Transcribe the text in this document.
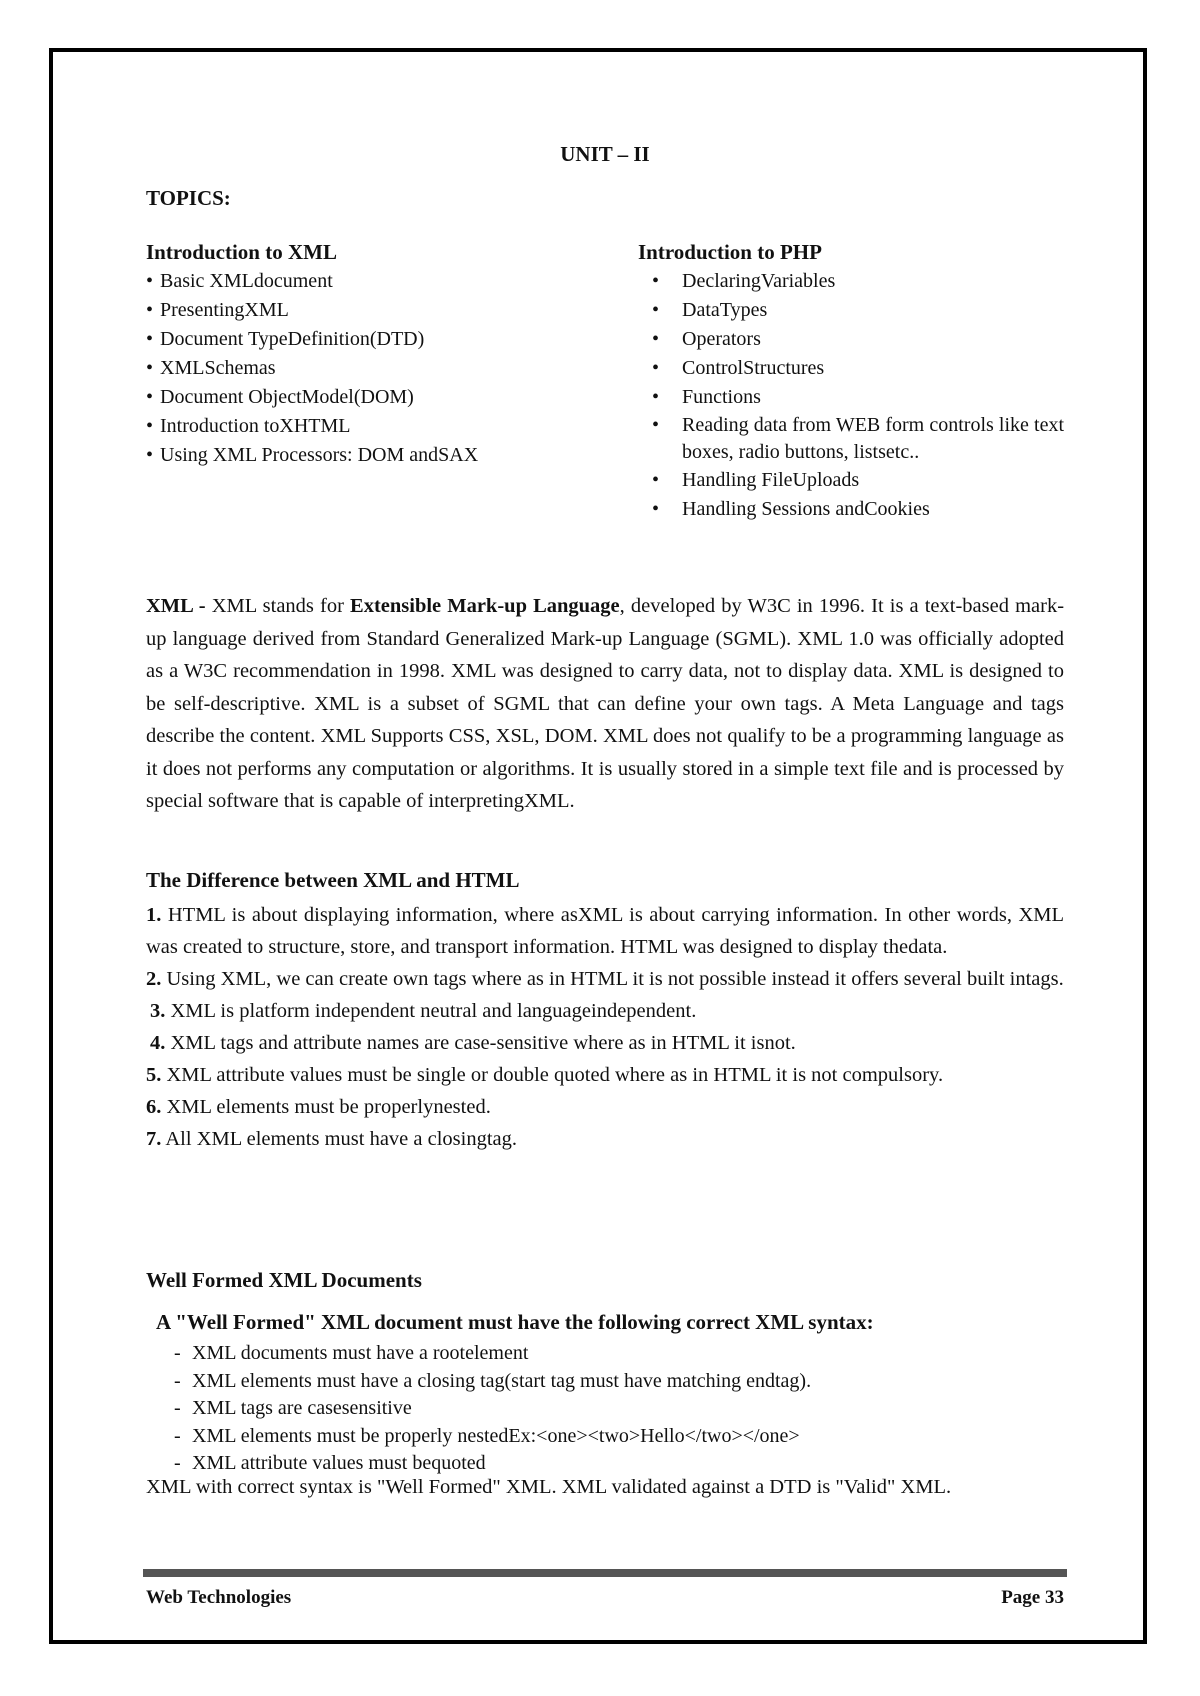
UNIT – II
TOPICS:
Introduction to XML
• Basic XMLdocument
• PresentingXML
• Document TypeDefinition(DTD)
• XMLSchemas
• Document ObjectModel(DOM)
• Introduction toXHTML
• Using XML Processors: DOM andSAX
Introduction to PHP
• DeclaringVariables
• DataTypes
• Operators
• ControlStructures
• Functions
• Reading data from WEB form controls like text boxes, radio buttons, listsetc..
• Handling FileUploads
• Handling Sessions andCookies

XML - XML stands for Extensible Mark-up Language, developed by W3C in 1996. It is a text-based mark-up language derived from Standard Generalized Mark-up Language (SGML). XML 1.0 was officially adopted as a W3C recommendation in 1998. XML was designed to carry data, not to display data. XML is designed to be self-descriptive. XML is a subset of SGML that can define your own tags. A Meta Language and tags describe the content. XML Supports CSS, XSL, DOM. XML does not qualify to be a programming language as it does not performs any computation or algorithms. It is usually stored in a simple text file and is processed by special software that is capable of interpretingXML.

The Difference between XML and HTML

1. HTML is about displaying information, where asXML is about carrying information. In other words, XML was created to structure, store, and transport information. HTML was designed to display thedata.

2. Using XML, we can create own tags where as in HTML it is not possible instead it offers several built intags.

3. XML is platform independent neutral and languageindependent.

4. XML tags and attribute names are case-sensitive where as in HTML it isnot.

5. XML attribute values must be single or double quoted where as in HTML it is not compulsory.

6. XML elements must be properlynested.

7. All XML elements must have a closingtag.

Well Formed XML Documents
A "Well Formed" XML document must have the following correct XML syntax:
- XML documents must have a rootelement
- XML elements must have a closing tag(start tag must have matching endtag).
- XML tags are casesensitive
- XML elements must be properly nestedEx:<one><two>Hello</two></one>
- XML attribute values must bequoted

XML with correct syntax is "Well Formed" XML. XML validated against a DTD is "Valid" XML.

Web Technologies	Page 33
